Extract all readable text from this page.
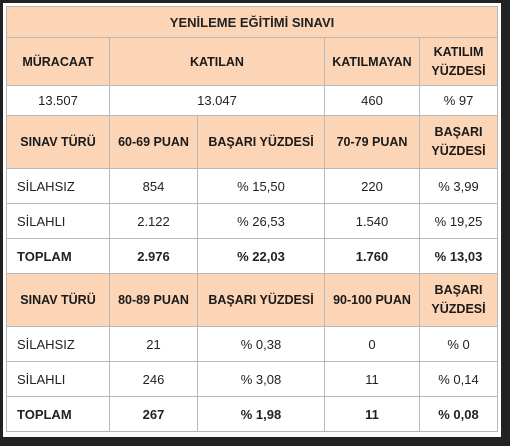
YENİLEME EĞİTİMİ SINAVI				
MÜRACAAT	KATILAN		KATILMAYAN	KATILIM YÜZDESİ
13.507	13.047		460	% 97
SINAV TÜRÜ	60-69 PUAN	BAŞARI YÜZDESİ	70-79 PUAN	BAŞARI YÜZDESİ
SİLAHSIZ	854	% 15,50	220	% 3,99
SİLAHLI	2.122	% 26,53	1.540	% 19,25
TOPLAM	2.976	% 22,03	1.760	% 13,03
SINAV TÜRÜ	80-89 PUAN	BAŞARI YÜZDESİ	90-100 PUAN	BAŞARI YÜZDESİ
SİLAHSIZ	21	% 0,38	0	% 0
SİLAHLI	246	% 3,08	11	% 0,14
TOPLAM	267	% 1,98	11	% 0,08
